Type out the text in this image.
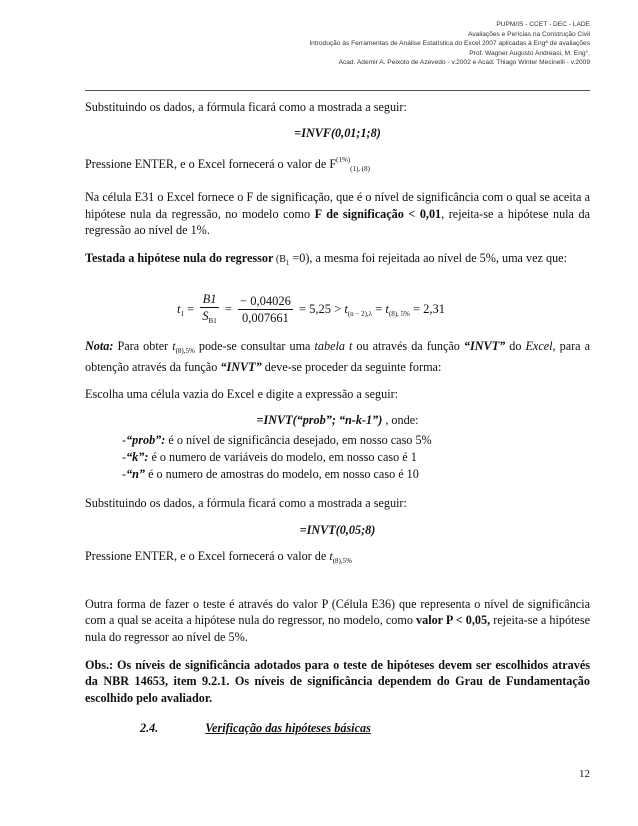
PUPM/IS - CCET - DEC - LADE
Avaliações e Perícias na Construção Civil
Introdução às Ferramentas de Análise Estatística do Excel 2007 aplicadas à Engª de avaliações
Prof. Wagner Augusto Andreasi, M. Eng°.
Acad. Ademir A. Peixoto de Azevedo - v.2002 e Acad. Thiago Winter Mecinelli - v.2009

Substituindo os dados, a fórmula ficará como a mostrada a seguir:

=INVF(0,01;1;8)

Pressione ENTER, e o Excel fornecerá o valor de $F^{(1\%)}_{(1), (8)}$

Na célula E31 o Excel fornece o F de significação, que é o nível de significância com o qual se aceita a hipótese nula da regressão, no modelo como F de significação < 0,01, rejeita-se a hipótese nula da regressão ao nível de 1%.

Testada a hipótese nula do regressor $(B_1 =0)$, a mesma foi rejeitada ao nível de 5%, uma vez que:

$t_1 = \frac{B1}{S_{B1}} = \frac{- 0,04026}{0,007661} = 5,25 > t_{(n - 2),\lambda} = t_{(8), 5\%} = 2,31$

Nota: Para obter $t_{(8),5\%}$ pode-se consultar uma tabela t ou através da função “INVT” do Excel, para a obtenção através da função “INVT” deve-se proceder da seguinte forma:

Escolha uma célula vazia do Excel e digite a expressão a seguir:

=INVT(“prob”; “n-k-1”) , onde:

-“prob”: é o nível de significância desejado, em nosso caso 5%
-“k”: é o numero de variáveis do modelo, em nosso caso é 1
-“n” é o numero de amostras do modelo, em nosso caso é 10

Substituindo os dados, a fórmula ficará como a mostrada a seguir:

=INVT(0,05;8)

Pressione ENTER, e o Excel fornecerá o valor de $t_{(8),5\%}$

Outra forma de fazer o teste é através do valor P (Célula E36) que representa o nível de significância com a qual se aceita a hipótese nula do regressor, no modelo, como valor P < 0,05, rejeita-se a hipótese nula do regressor ao nível de 5%.

Obs.: Os níveis de significância adotados para o teste de hipóteses devem ser escolhidos através da NBR 14653, item 9.2.1. Os níveis de significância dependem do Grau de Fundamentação escolhido pelo avaliador.

2.4.	Verificação das hipóteses básicas

12
